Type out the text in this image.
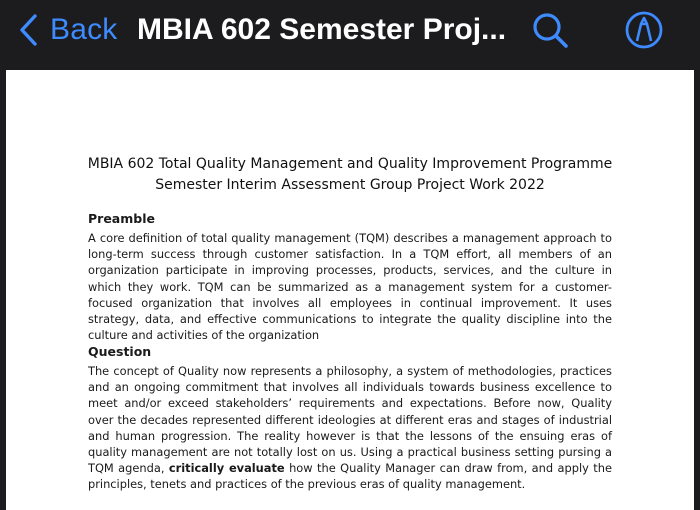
Back MBIA 602 Semester Proj...
MBIA 602 Total Quality Management and Quality Improvement Programme
Semester Interim Assessment Group Project Work 2022
Preamble

A core definition of total quality management (TQM) describes a management approach to long-term success through customer satisfaction. In a TQM effort, all members of an organization participate in improving processes, products, services, and the culture in which they work. TQM can be summarized as a management system for a customer-focused organization that involves all employees in continual improvement. It uses strategy, data, and effective communications to integrate the quality discipline into the culture and activities of the organization

Question

The concept of Quality now represents a philosophy, a system of methodologies, practices and an ongoing commitment that involves all individuals towards business excellence to meet and/or exceed stakeholders’ requirements and expectations. Before now, Quality over the decades represented different ideologies at different eras and stages of industrial and human progression. The reality however is that the lessons of the ensuing eras of quality management are not totally lost on us. Using a practical business setting pursing a TQM agenda, critically evaluate how the Quality Manager can draw from, and apply the principles, tenets and practices of the previous eras of quality management.
